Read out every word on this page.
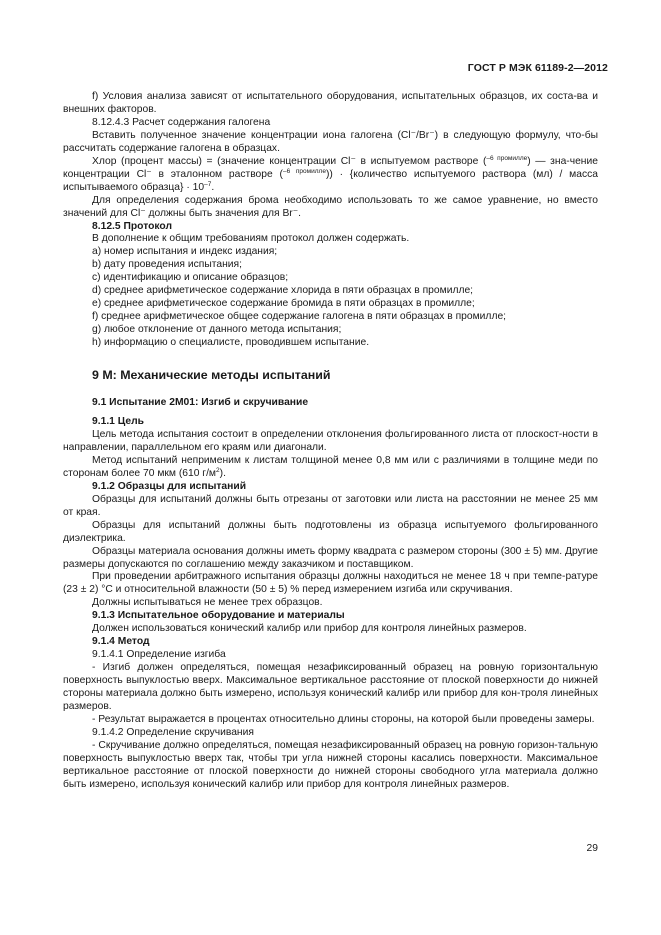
ГОСТ Р МЭК 61189-2—2012

f) Условия анализа зависят от испытательного оборудования, испытательных образцов, их соста-ва и внешних факторов.

8.12.4.3 Расчет содержания галогена

Вставить полученное значение концентрации иона галогена (Cl⁻/Br⁻) в следующую формулу, что-бы рассчитать содержание галогена в образцах.

Хлор (процент массы) = (значение концентрации Cl⁻ в испытуемом растворе ($^{-6 промилле}$) — зна-чение концентрации Cl⁻ в эталонном растворе ($^{-6 промилле}$)) · {количество испытуемого раствора (мл) / масса испытываемого образца} · $10^{-7}$.

Для определения содержания брома необходимо использовать то же самое уравнение, но вместо значений для Cl⁻ должны быть значения для Br⁻.

8.12.5 Протокол

В дополнение к общим требованиям протокол должен содержать.

a) номер испытания и индекс издания;

b) дату проведения испытания;

c) идентификацию и описание образцов;

d) среднее арифметическое содержание хлорида в пяти образцах в промилле;

e) среднее арифметическое содержание бромида в пяти образцах в промилле;

f) среднее арифметическое общее содержание галогена в пяти образцах в промилле;

g) любое отклонение от данного метода испытания;

h) информацию о специалисте, проводившем испытание.

9 М: Механические методы испытаний

9.1 Испытание 2М01: Изгиб и скручивание

9.1.1 Цель

Цель метода испытания состоит в определении отклонения фольгированного листа от плоскост-ности в направлении, параллельном его краям или диагонали.

Метод испытаний неприменим к листам толщиной менее 0,8 мм или с различиями в толщине меди по сторонам более 70 мкм (610 $г/м^2$).

9.1.2 Образцы для испытаний

Образцы для испытаний должны быть отрезаны от заготовки или листа на расстоянии не менее 25 мм от края.

Образцы для испытаний должны быть подготовлены из образца испытуемого фольгированного диэлектрика.

Образцы материала основания должны иметь форму квадрата с размером стороны (300 ± 5) мм. Другие размеры допускаются по соглашению между заказчиком и поставщиком.

При проведении арбитражного испытания образцы должны находиться не менее 18 ч при темпе-ратуре (23 ± 2) °С и относительной влажности (50 ± 5) % перед измерением изгиба или скручивания.

Должны испытываться не менее трех образцов.

9.1.3 Испытательное оборудование и материалы

Должен использоваться конический калибр или прибор для контроля линейных размеров.

9.1.4 Метод

9.1.4.1 Определение изгиба

- Изгиб должен определяться, помещая незафиксированный образец на ровную горизонтальную поверхность выпуклостью вверх. Максимальное вертикальное расстояние от плоской поверхности до нижней стороны материала должно быть измерено, используя конический калибр или прибор для кон-троля линейных размеров.

- Результат выражается в процентах относительно длины стороны, на которой были проведены замеры.

9.1.4.2 Определение скручивания

- Скручивание должно определяться, помещая незафиксированный образец на ровную горизон-тальную поверхность выпуклостью вверх так, чтобы три угла нижней стороны касались поверхности. Максимальное вертикальное расстояние от плоской поверхности до нижней стороны свободного угла материала должно быть измерено, используя конический калибр или прибор для контроля линейных размеров.

29
